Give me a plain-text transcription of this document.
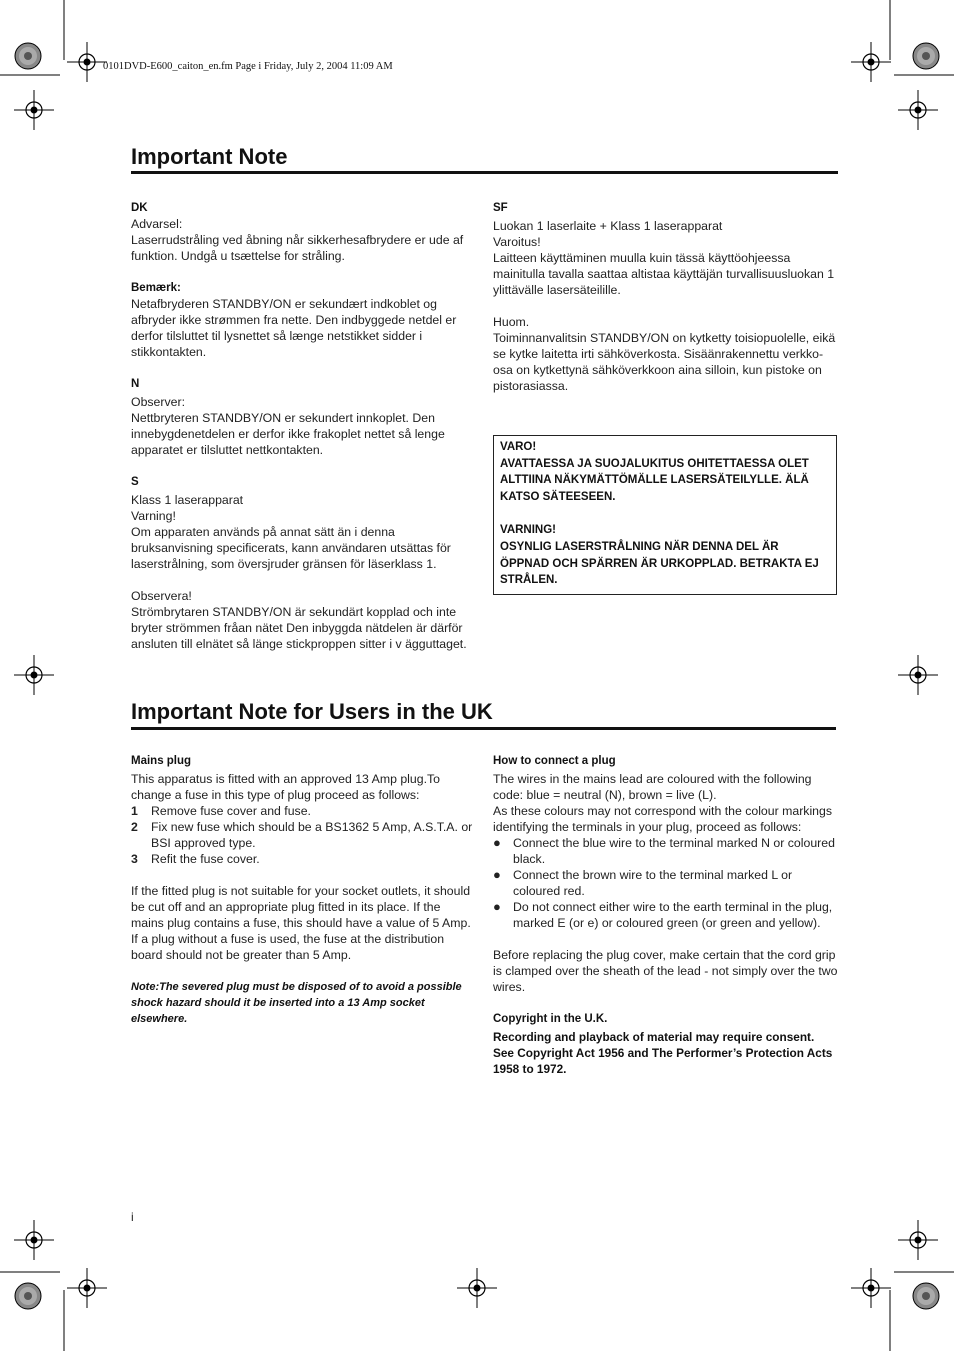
0101DVD-E600_caiton_en.fm Page i Friday, July 2, 2004 11:09 AM
Important Note

DK

Advarsel:

Laserrudstråling ved åbning når sikkerhesafbrydere er ude af funktion. Undgå u tsættelse for stråling.

Bemærk:

Netafbryderen STANDBY/ON er sekundært indkoblet og afbryder ikke strømmen fra nette. Den indbyggede netdel er derfor tilsluttet til lysnettet så længe netstikket sidder i stikkontakten.

N

Observer:

Nettbryteren STANDBY/ON er sekundert innkoplet. Den innebygdenetdelen er derfor ikke frakoplet nettet så lenge apparatet er tilsluttet nettkontakten.

S

Klass 1 laserapparat

Varning!

Om apparaten används på annat sätt än i denna bruksanvisning specificerats, kann användaren utsättas för laserstrålning, som översjruder gränsen för läserklass 1.

Observera!

Strömbrytaren STANDBY/ON är sekundärt kopplad och inte bryter strömmen fråan nätet Den inbyggda nätdelen är därför ansluten till elnätet så länge stickproppen sitter i v ägguttaget.

SF

Luokan 1 laserlaite + Klass 1 laserapparat

Varoitus!

Laitteen käyttäminen muulla kuin tässä käyttöohjeessa mainitulla tavalla saattaa altistaa käyttäjän turvallisuusluokan 1 ylittävälle lasersäteilille.

Huom.

Toiminnanvalitsin STANDBY/ON on kytketty toisiopuolelle, eikä se kytke laitetta irti sähköverkosta. Sisäänrakennettu verkko-osa on kytkettynä sähköverkkoon aina silloin, kun pistoke on pistorasiassa.

VARO!
AVATTAESSA JA SUOJALUKITUS OHITETTAESSA OLET ALTTIINA NÄKYMÄTTÖMÄLLE LASERSÄTEILYLLE. ÄLÄ KATSO SÄTEESEEN.
VARNING!
OSYNLIG LASERSTRÅLNING NÄR DENNA DEL ÄR ÖPPNAD OCH SPÄRREN ÄR URKOPPLAD. BETRAKTA EJ STRÅLEN.
Important Note for Users in the UK

Mains plug

This apparatus is fitted with an approved 13 Amp plug.To change a fuse in this type of plug proceed as follows:

1	Remove fuse cover and fuse.
2	Fix new fuse which should be a BS1362 5 Amp, A.S.T.A. or BSI approved type.
3	Refit the fuse cover.

If the fitted plug is not suitable for your socket outlets, it should be cut off and an appropriate plug fitted in its place. If the mains plug contains a fuse, this should have a value of 5 Amp. If a plug without a fuse is used, the fuse at the distribution board should not be greater than 5 Amp.

Note:The severed plug must be disposed of to avoid a possible shock hazard should it be inserted into a 13 Amp socket elsewhere.

How to connect a plug

The wires in the mains lead are coloured with the following code: blue = neutral (N), brown = live (L).

As these colours may not correspond with the colour markings identifying the terminals in your plug, proceed as follows:

● Connect the blue wire to the terminal marked N or coloured black.
● Connect the brown wire to the terminal marked L or coloured red.
● Do not connect either wire to the earth terminal in the plug, marked E (or e) or coloured green (or green and yellow).

Before replacing the plug cover, make certain that the cord grip is clamped over the sheath of the lead - not simply over the two wires.

Copyright in the U.K.

Recording and playback of material may require consent. See Copyright Act 1956 and The Performer’s Protection Acts 1958 to 1972.

i
